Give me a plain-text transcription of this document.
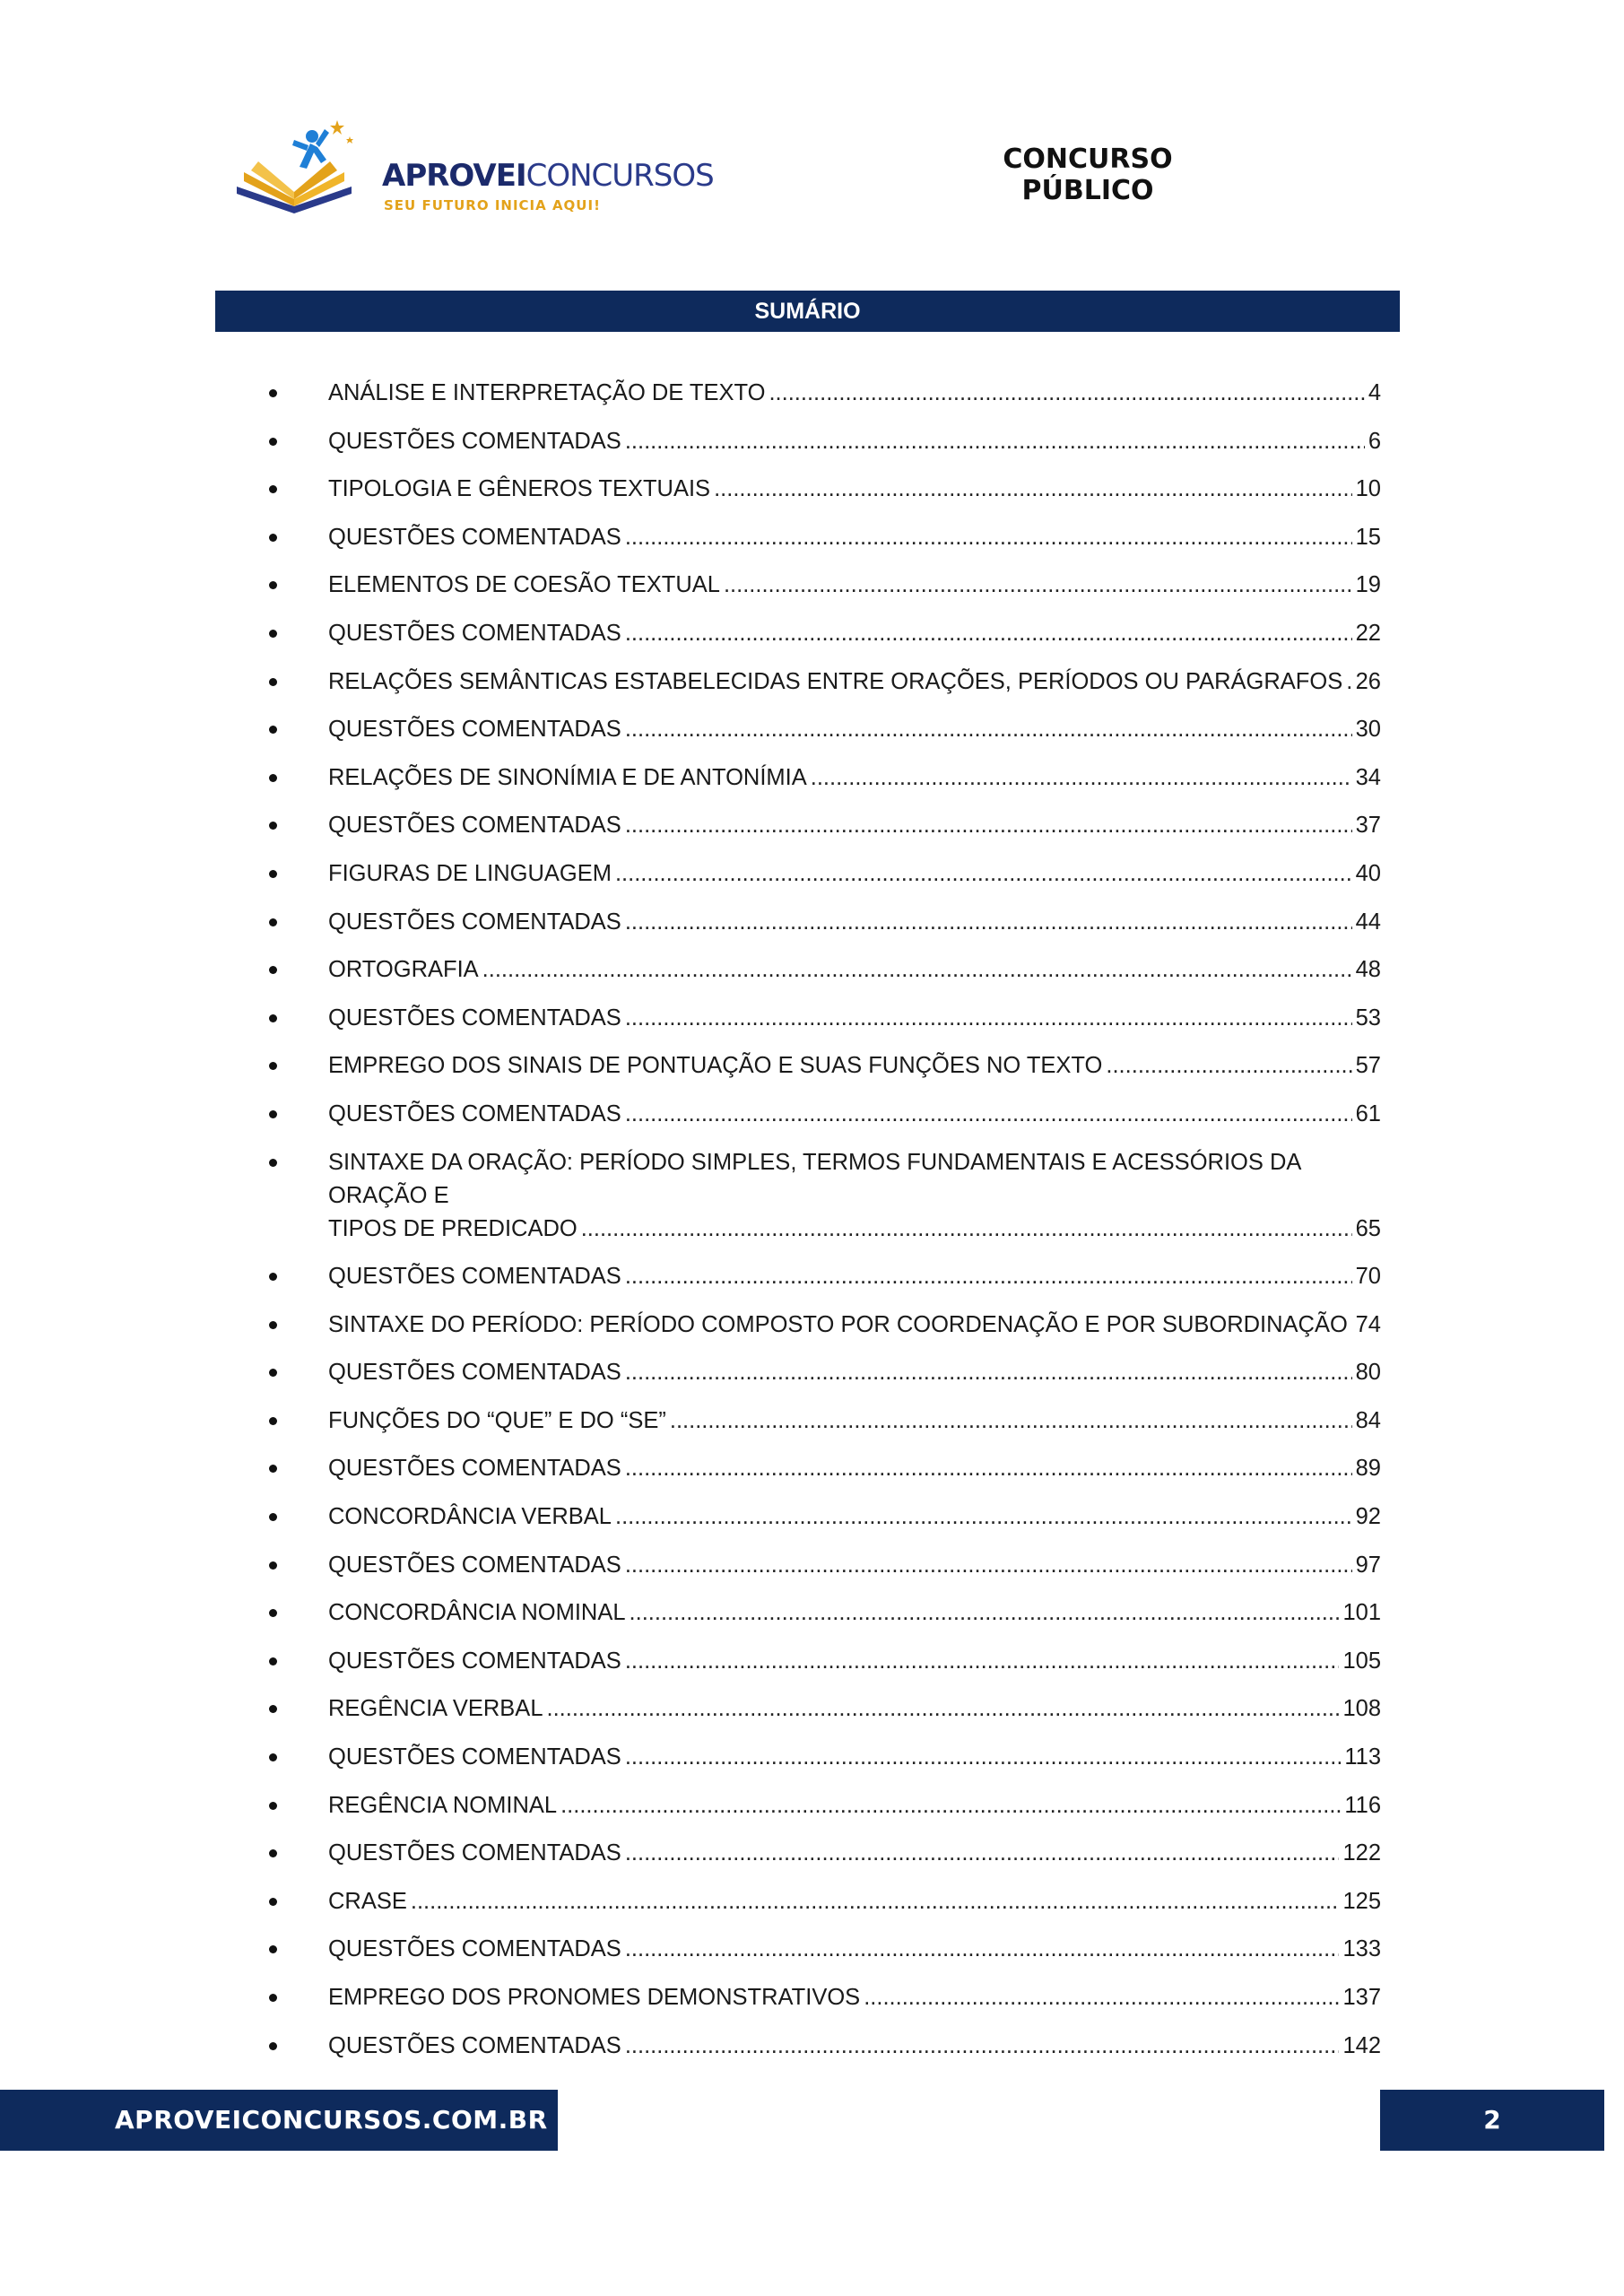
APROVEICONCURSOS
SEU FUTURO INICIA AQUI!
CONCURSO PÚBLICO
SUMÁRIO
ANÁLISE E INTERPRETAÇÃO DE TEXTO .....	4
QUESTÕES COMENTADAS .....	6
TIPOLOGIA E GÊNEROS TEXTUAIS .....	10
QUESTÕES COMENTADAS .....	15
ELEMENTOS DE COESÃO TEXTUAL .....	19
QUESTÕES COMENTADAS .....	22
RELAÇÕES SEMÂNTICAS ESTABELECIDAS ENTRE ORAÇÕES, PERÍODOS OU PARÁGRAFOS ..... 26
QUESTÕES COMENTADAS .....	30
RELAÇÕES DE SINONÍMIA E DE ANTONÍMIA .....	34
QUESTÕES COMENTADAS .....	37
FIGURAS DE LINGUAGEM .....	40
QUESTÕES COMENTADAS .....	44
ORTOGRAFIA .....	48
QUESTÕES COMENTADAS .....	53
EMPREGO DOS SINAIS DE PONTUAÇÃO E SUAS FUNÇÕES NO TEXTO .....	57
QUESTÕES COMENTADAS .....	61
SINTAXE DA ORAÇÃO: PERÍODO SIMPLES, TERMOS FUNDAMENTAIS E ACESSÓRIOS DA ORAÇÃO E
TIPOS DE PREDICADO .....	65
QUESTÕES COMENTADAS .....	70
SINTAXE DO PERÍODO: PERÍODO COMPOSTO POR COORDENAÇÃO E POR SUBORDINAÇÃO ..... 74
QUESTÕES COMENTADAS .....	80
FUNÇÕES DO “QUE” E DO “SE” .....	84
QUESTÕES COMENTADAS .....	89
CONCORDÂNCIA VERBAL .....	92
QUESTÕES COMENTADAS .....	97
CONCORDÂNCIA NOMINAL .....	101
QUESTÕES COMENTADAS .....	105
REGÊNCIA VERBAL .....	108
QUESTÕES COMENTADAS .....	113
REGÊNCIA NOMINAL .....	116
QUESTÕES COMENTADAS .....	122
CRASE .....	125
QUESTÕES COMENTADAS .....	133
EMPREGO DOS PRONOMES DEMONSTRATIVOS .....	137
QUESTÕES COMENTADAS .....	142
APROVEICONCURSOS.COM.BR	2
